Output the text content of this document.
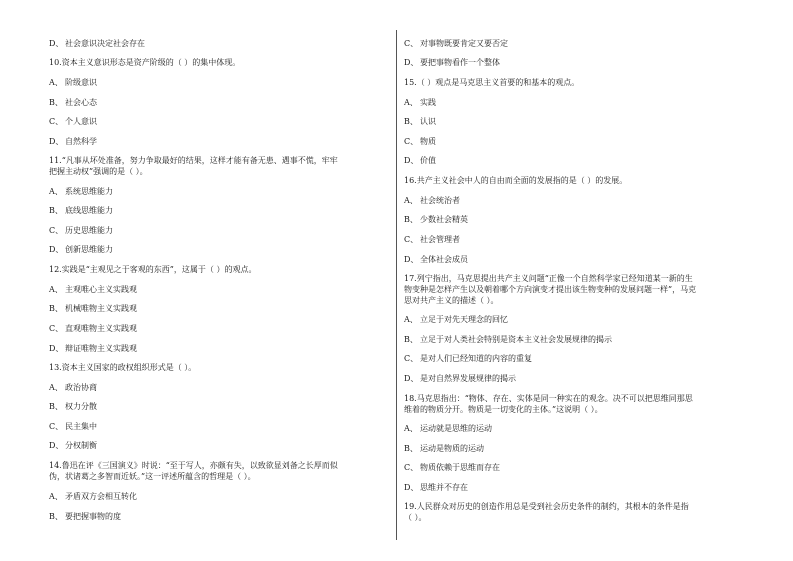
D、 社会意识决定社会存在
10.资本主义意识形态是资产阶级的（ ）的集中体现。
A、 阶级意识
B、 社会心态
C、 个人意识
D、 自然科学
11.“凡事从坏处准备，努力争取最好的结果，这样才能有备无患、遇事不慌，牢牢
把握主动权”强调的是（ ）。
A、 系统思维能力
B、 底线思维能力
C、 历史思维能力
D、 创新思维能力
12.实践是“主观见之于客观的东西”，这属于（ ）的观点。
A、 主观唯心主义实践观
B、 机械唯物主义实践观
C、 直观唯物主义实践观
D、 辩证唯物主义实践观
13.资本主义国家的政权组织形式是（ ）。
A、 政治协商
B、 权力分散
C、 民主集中
D、 分权制衡
14.鲁迅在评《三国演义》时说：“至于写人，亦颇有失，以致欲显刘备之长厚而似
伪，状诸葛之多智而近妖。”这一评述所蕴含的哲理是（ ）。
A、 矛盾双方会相互转化
B、 要把握事物的度
C、 对事物既要肯定又要否定
D、 要把事物看作一个整体
15.（ ）观点是马克思主义首要的和基本的观点。
A、 实践
B、 认识
C、 物质
D、 价值
16.共产主义社会中人的自由而全面的发展指的是（ ）的发展。
A、 社会统治者
B、 少数社会精英
C、 社会管理者
D、 全体社会成员
17.列宁指出，马克思提出共产主义问题“正像一个自然科学家已经知道某一新的生
物变种是怎样产生以及朝着哪个方向演变才提出该生物变种的发展问题一样”，马克
思对共产主义的描述（ ）。
A、 立足于对先天理念的回忆
B、 立足于对人类社会特别是资本主义社会发展规律的揭示
C、 是对人们已经知道的内容的重复
D、 是对自然界发展规律的揭示
18.马克思指出：“物体、存在、实体是同一种实在的观念。决不可以把思维同那思
维着的物质分开。物质是一切变化的主体。”这说明（ ）。
A、 运动就是思维的运动
B、 运动是物质的运动
C、 物质依赖于思维而存在
D、 思维并不存在
19.人民群众对历史的创造作用总是受到社会历史条件的制约，其根本的条件是指
（ ）。
